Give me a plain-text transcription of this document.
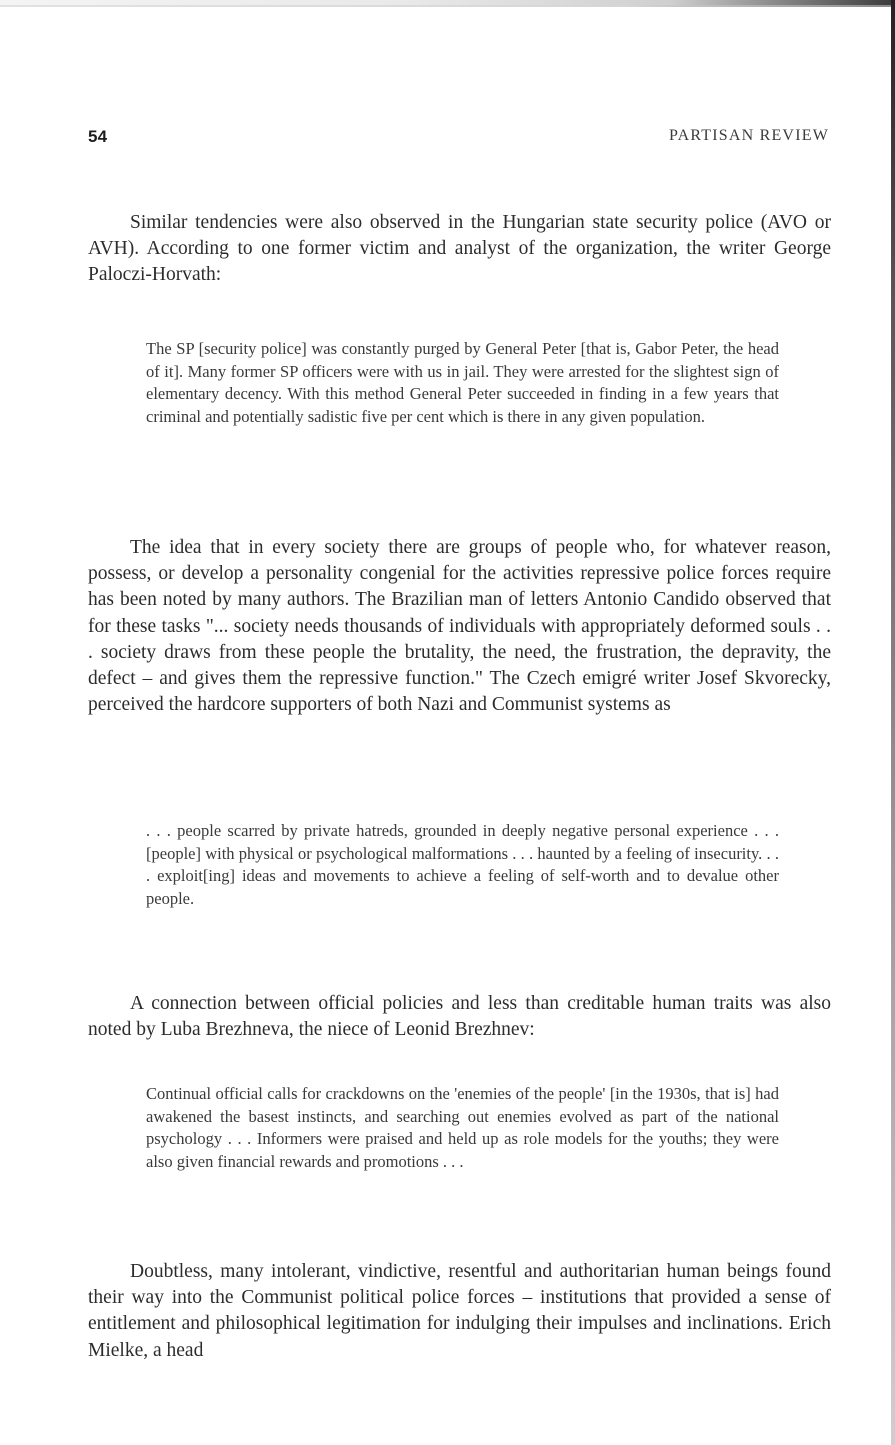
54	PARTISAN REVIEW

Similar tendencies were also observed in the Hungarian state security police (AVO or AVH). According to one former victim and analyst of the organization, the writer George Paloczi-Horvath:

The SP [security police] was constantly purged by General Peter [that is, Gabor Peter, the head of it]. Many former SP officers were with us in jail. They were arrested for the slightest sign of elementary decency. With this method General Peter succeeded in finding in a few years that criminal and potentially sadistic five per cent which is there in any given population.

The idea that in every society there are groups of people who, for whatever reason, possess, or develop a personality congenial for the activities repressive police forces require has been noted by many authors. The Brazilian man of letters Antonio Candido observed that for these tasks "... society needs thousands of individuals with appropriately deformed souls . . . society draws from these people the brutality, the need, the frustration, the depravity, the defect – and gives them the repressive function." The Czech emigré writer Josef Skvorecky, perceived the hardcore supporters of both Nazi and Communist systems as

. . . people scarred by private hatreds, grounded in deeply negative personal experience . . . [people] with physical or psychological malformations . . . haunted by a feeling of insecurity. . . . exploit[ing] ideas and movements to achieve a feeling of self-worth and to devalue other people.

A connection between official policies and less than creditable human traits was also noted by Luba Brezhneva, the niece of Leonid Brezhnev:

Continual official calls for crackdowns on the 'enemies of the people' [in the 1930s, that is] had awakened the basest instincts, and searching out enemies evolved as part of the national psychology . . . Informers were praised and held up as role models for the youths; they were also given financial rewards and promotions . . .

Doubtless, many intolerant, vindictive, resentful and authoritarian human beings found their way into the Communist political police forces – institutions that provided a sense of entitlement and philosophical legitimation for indulging their impulses and inclinations. Erich Mielke, a head
